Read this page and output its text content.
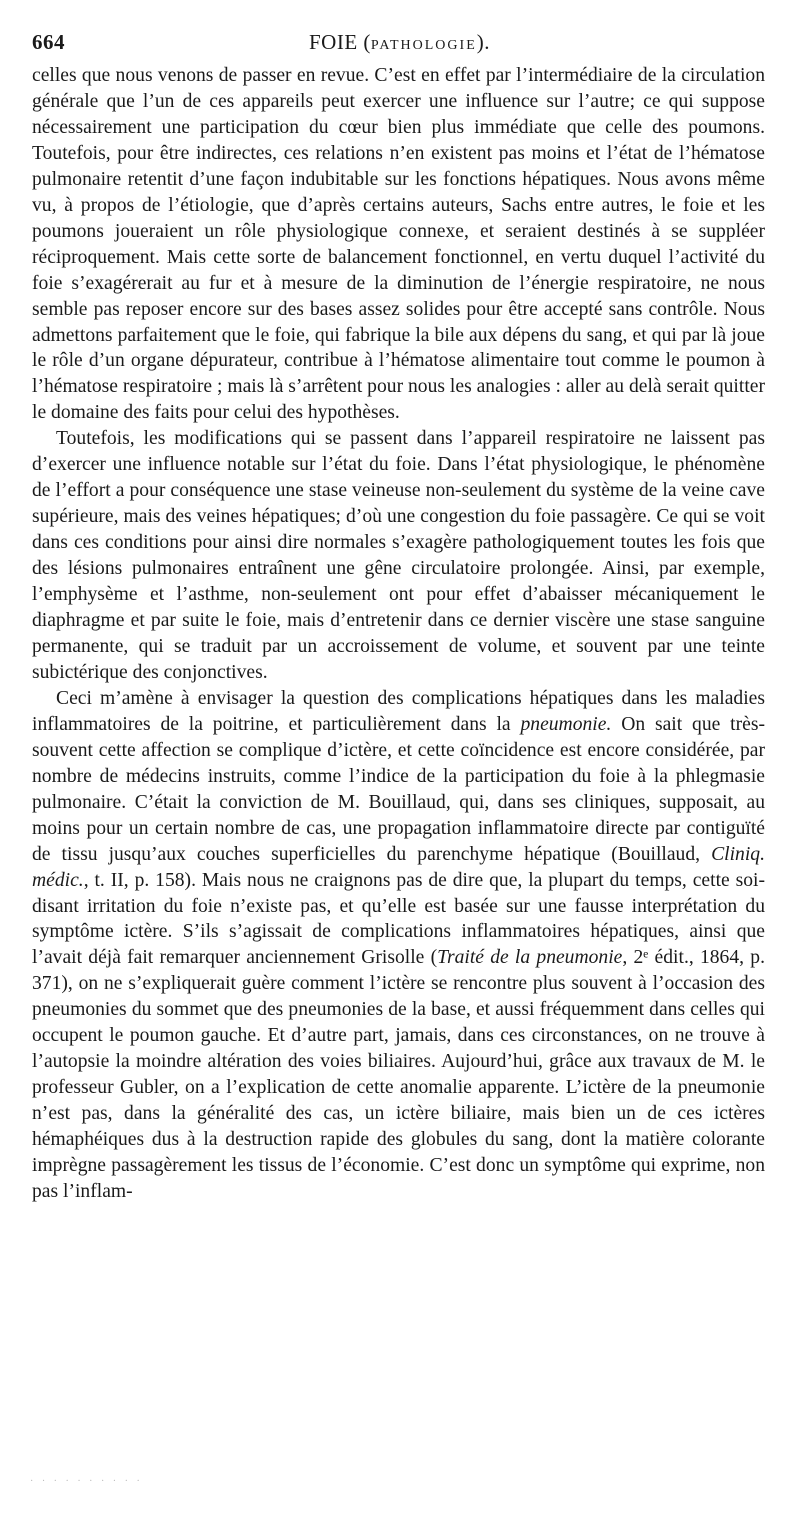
664	FOIE (PATHOLOGIE).

celles que nous venons de passer en revue. C’est en effet par l’intermédiaire de la circulation générale que l’un de ces appareils peut exercer une influence sur l’autre; ce qui suppose nécessairement une participation du cœur bien plus immédiate que celle des poumons. Toutefois, pour être indirectes, ces relations n’en existent pas moins et l’état de l’hématose pulmonaire retentit d’une façon indubitable sur les fonctions hépatiques. Nous avons même vu, à propos de l’étiologie, que d’après certains auteurs, Sachs entre autres, le foie et les poumons joueraient un rôle physiologique connexe, et seraient destinés à se suppléer réciproquement. Mais cette sorte de balancement fonctionnel, en vertu duquel l’activité du foie s’exagérerait au fur et à mesure de la diminution de l’énergie respiratoire, ne nous semble pas reposer encore sur des bases assez solides pour être accepté sans contrôle. Nous admettons parfaitement que le foie, qui fabrique la bile aux dépens du sang, et qui par là joue le rôle d’un organe dépurateur, contribue à l’hématose alimentaire tout comme le poumon à l’hématose respiratoire ; mais là s’arrêtent pour nous les analogies : aller au delà serait quitter le domaine des faits pour celui des hypothèses.

Toutefois, les modifications qui se passent dans l’appareil respiratoire ne laissent pas d’exercer une influence notable sur l’état du foie. Dans l’état physiologique, le phénomène de l’effort a pour conséquence une stase veineuse non-seulement du système de la veine cave supérieure, mais des veines hépatiques; d’où une congestion du foie passagère. Ce qui se voit dans ces conditions pour ainsi dire normales s’exagère pathologiquement toutes les fois que des lésions pulmonaires entraînent une gêne circulatoire prolongée. Ainsi, par exemple, l’emphysème et l’asthme, non-seulement ont pour effet d’abaisser mécaniquement le diaphragme et par suite le foie, mais d’entretenir dans ce dernier viscère une stase sanguine permanente, qui se traduit par un accroissement de volume, et souvent par une teinte subictérique des conjonctives.

Ceci m’amène à envisager la question des complications hépatiques dans les maladies inflammatoires de la poitrine, et particulièrement dans la pneumonie. On sait que très-souvent cette affection se complique d’ictère, et cette coïncidence est encore considérée, par nombre de médecins instruits, comme l’indice de la participation du foie à la phlegmasie pulmonaire. C’était la conviction de M. Bouillaud, qui, dans ses cliniques, supposait, au moins pour un certain nombre de cas, une propagation inflammatoire directe par contiguïté de tissu jusqu’aux couches superficielles du parenchyme hépatique (Bouillaud, Cliniq. médic., t. II, p. 158). Mais nous ne craignons pas de dire que, la plupart du temps, cette soi-disant irritation du foie n’existe pas, et qu’elle est basée sur une fausse interprétation du symptôme ictère. S’ils s’agissait de complications inflammatoires hépatiques, ainsi que l’avait déjà fait remarquer anciennement Grisolle (Traité de la pneumonie, 2ᵉ édit., 1864, p. 371), on ne s’expliquerait guère comment l’ictère se rencontre plus souvent à l’occasion des pneumonies du sommet que des pneumonies de la base, et aussi fréquemment dans celles qui occupent le poumon gauche. Et d’autre part, jamais, dans ces circonstances, on ne trouve à l’autopsie la moindre altération des voies biliaires. Aujourd’hui, grâce aux travaux de M. le professeur Gubler, on a l’explication de cette anomalie apparente. L’ictère de la pneumonie n’est pas, dans la généralité des cas, un ictère biliaire, mais bien un de ces ictères hémaphéiques dus à la destruction rapide des globules du sang, dont la matière colorante imprègne passagèrement les tissus de l’économie. C’est donc un symptôme qui exprime, non pas l’inflam-

· · · · · · · · · ·
